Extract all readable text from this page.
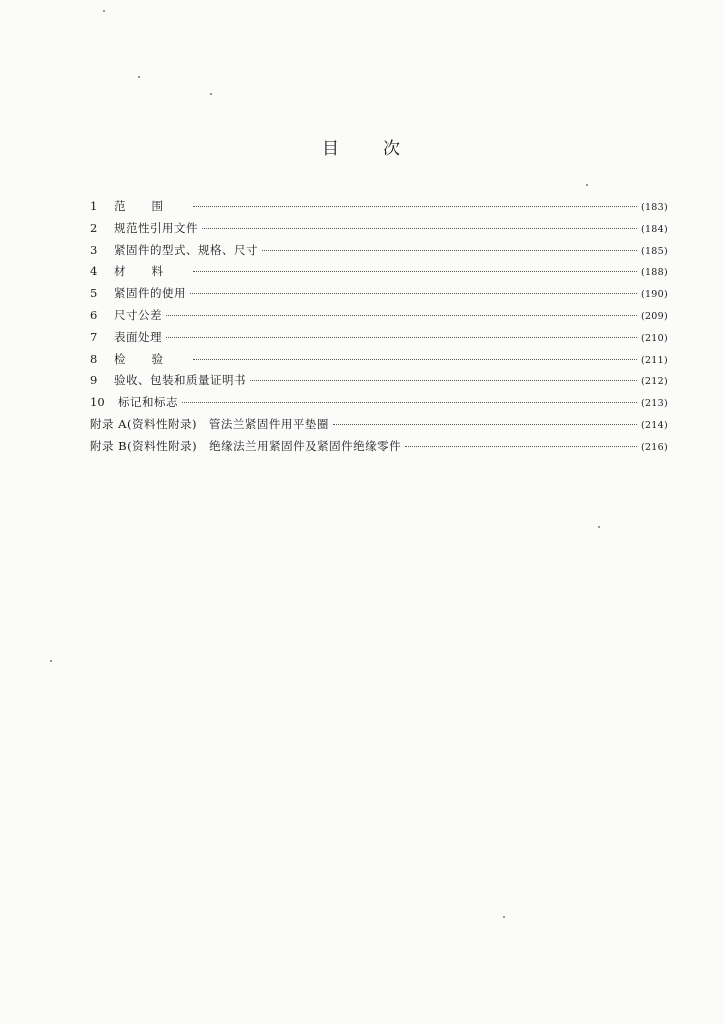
目 次
1	范围	(183)
2	规范性引用文件	(184)
3	紧固件的型式、规格、尺寸	(185)
4	材料	(188)
5	紧固件的使用	(190)
6	尺寸公差	(209)
7	表面处理	(210)
8	检验	(211)
9	验收、包装和质量证明书	(212)
10	标记和标志	(213)
附录 A(资料性附录)　管法兰紧固件用平垫圈	(214)
附录 B(资料性附录)　绝缘法兰用紧固件及紧固件绝缘零件	(216)
